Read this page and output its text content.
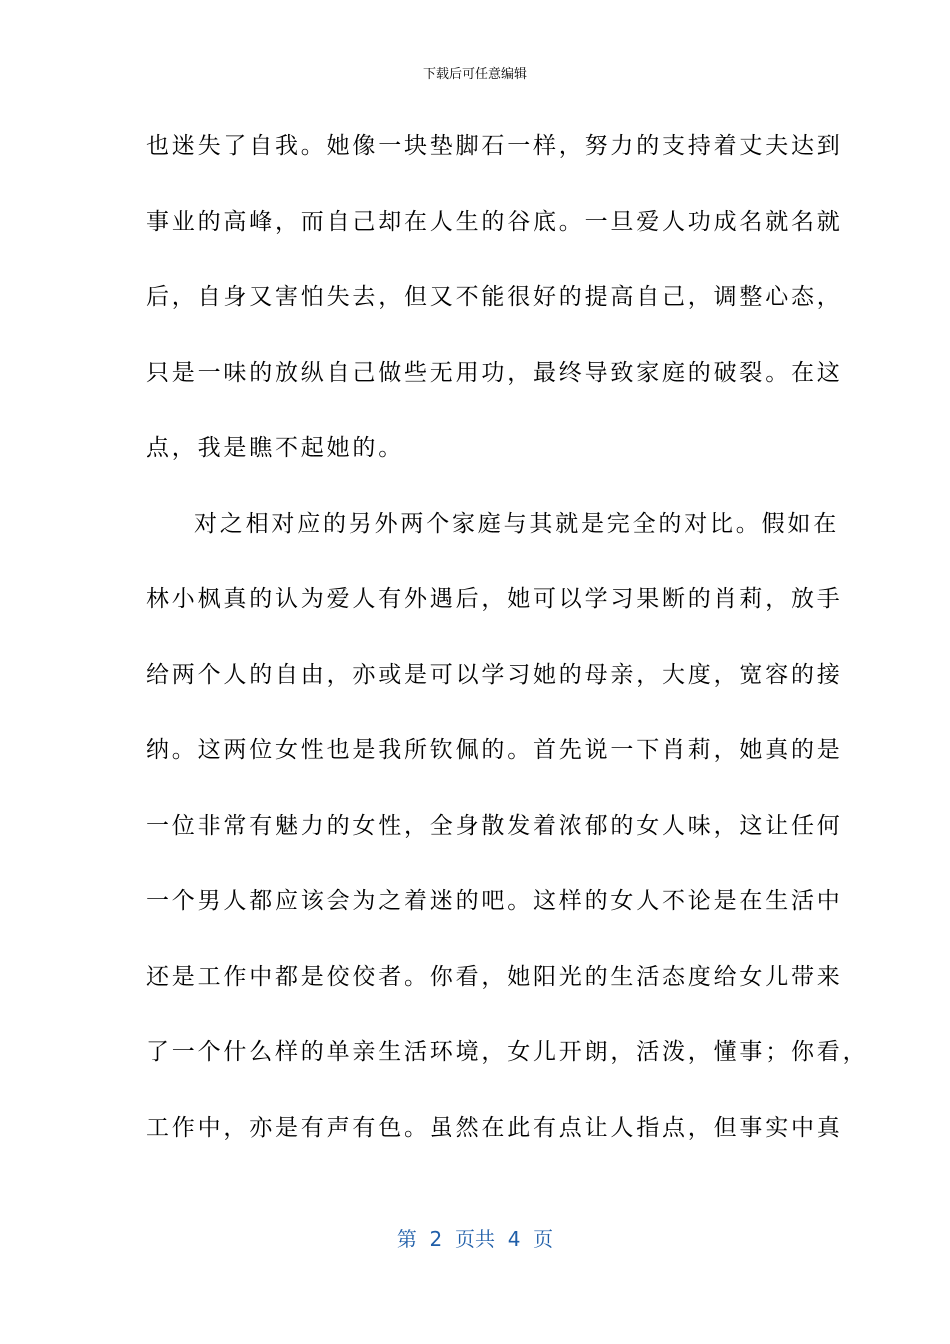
下载后可任意编辑
也迷失了自我。她像一块垫脚石一样，努力的支持着丈夫达到
事业的高峰，而自己却在人生的谷底。一旦爱人功成名就名就
后，自身又害怕失去，但又不能很好的提高自己，调整心态，
只是一味的放纵自己做些无用功，最终导致家庭的破裂。在这
点，我是瞧不起她的。
对之相对应的另外两个家庭与其就是完全的对比。假如在
林小枫真的认为爱人有外遇后，她可以学习果断的肖莉，放手
给两个人的自由，亦或是可以学习她的母亲，大度，宽容的接
纳。这两位女性也是我所钦佩的。首先说一下肖莉，她真的是
一位非常有魅力的女性，全身散发着浓郁的女人味，这让任何
一个男人都应该会为之着迷的吧。这样的女人不论是在生活中
还是工作中都是佼佼者。你看，她阳光的生活态度给女儿带来
了一个什么样的单亲生活环境，女儿开朗，活泼，懂事；你看，
工作中，亦是有声有色。虽然在此有点让人指点，但事实中真
第  2  页共  4  页
